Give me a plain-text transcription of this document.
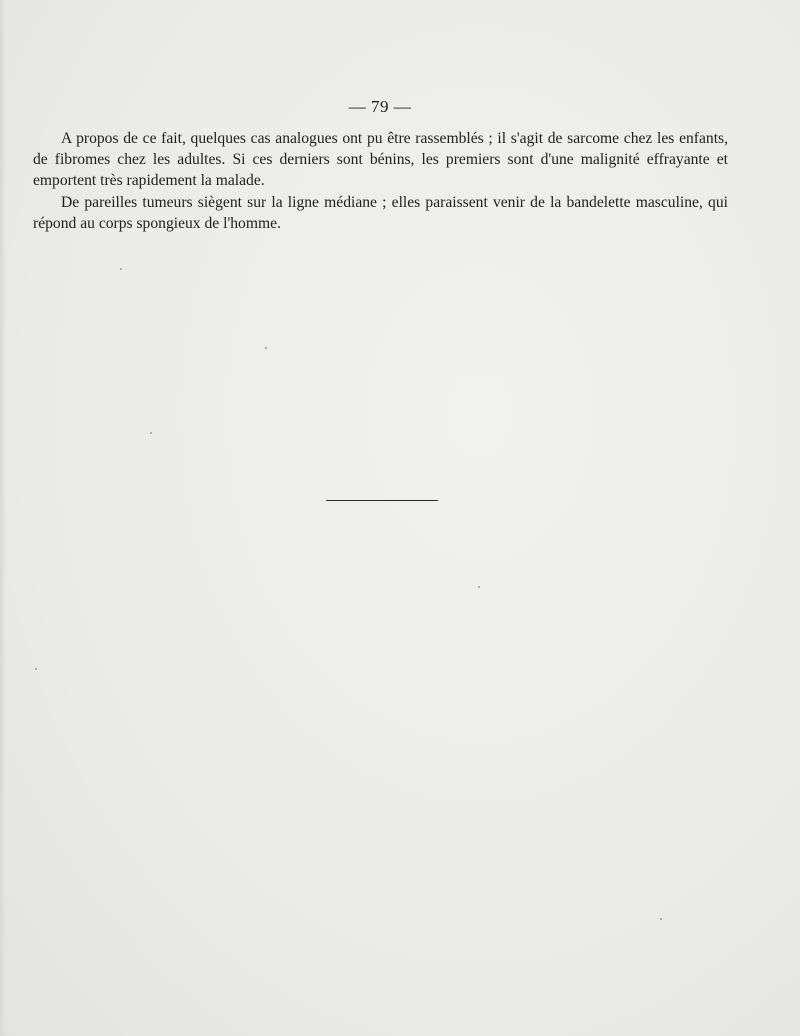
— 79 —

A propos de ce fait, quelques cas analogues ont pu être rassemblés ; il s'agit de sarcome chez les enfants, de fibromes chez les adultes. Si ces derniers sont bénins, les premiers sont d'une malignité effrayante et emportent très rapidement la malade.

De pareilles tumeurs siègent sur la ligne médiane ; elles paraissent venir de la bandelette masculine, qui répond au corps spongieux de l'homme.
